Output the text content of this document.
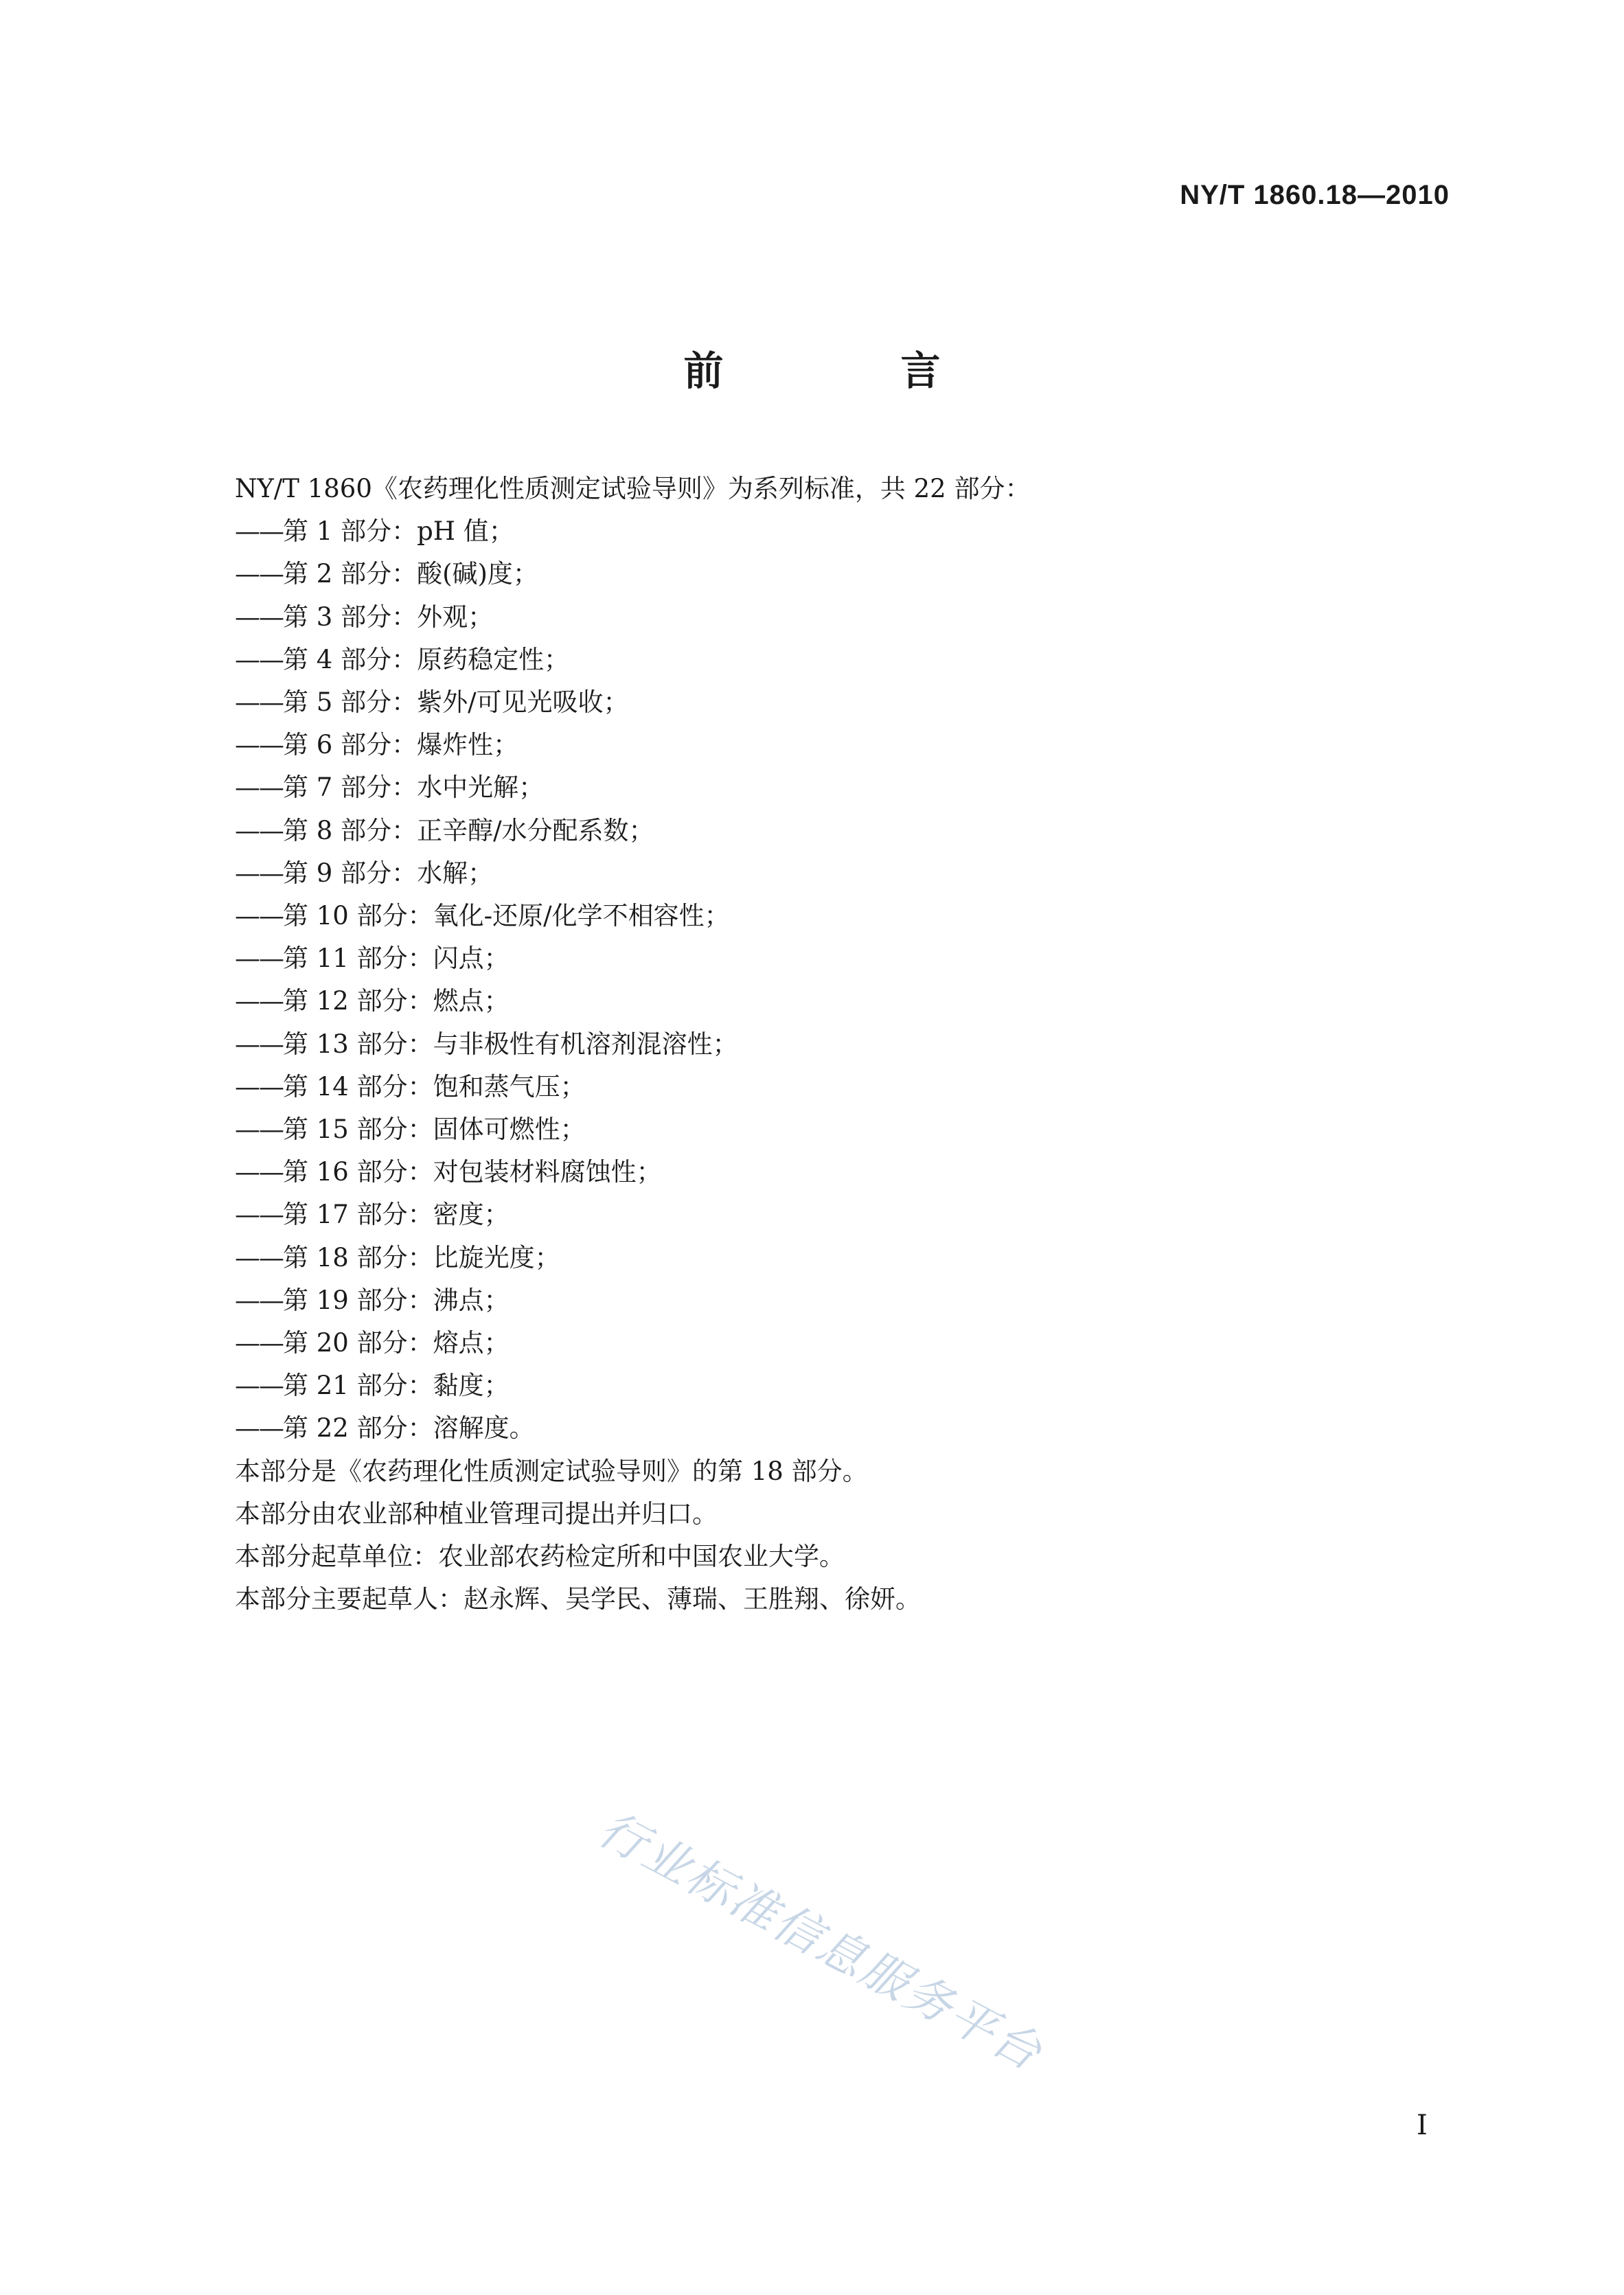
NY/T 1860.18—2010
前　言
NY/T 1860《农药理化性质测定试验导则》为系列标准，共 22 部分：
——第 1 部分：pH 值；
——第 2 部分：酸(碱)度；
——第 3 部分：外观；
——第 4 部分：原药稳定性；
——第 5 部分：紫外/可见光吸收；
——第 6 部分：爆炸性；
——第 7 部分：水中光解；
——第 8 部分：正辛醇/水分配系数；
——第 9 部分：水解；
——第 10 部分：氧化-还原/化学不相容性；
——第 11 部分：闪点；
——第 12 部分：燃点；
——第 13 部分：与非极性有机溶剂混溶性；
——第 14 部分：饱和蒸气压；
——第 15 部分：固体可燃性；
——第 16 部分：对包装材料腐蚀性；
——第 17 部分：密度；
——第 18 部分：比旋光度；
——第 19 部分：沸点；
——第 20 部分：熔点；
——第 21 部分：黏度；
——第 22 部分：溶解度。
本部分是《农药理化性质测定试验导则》的第 18 部分。
本部分由农业部种植业管理司提出并归口。
本部分起草单位：农业部农药检定所和中国农业大学。
本部分主要起草人：赵永辉、吴学民、薄瑞、王胜翔、徐妍。
行业标准信息服务平台
I
